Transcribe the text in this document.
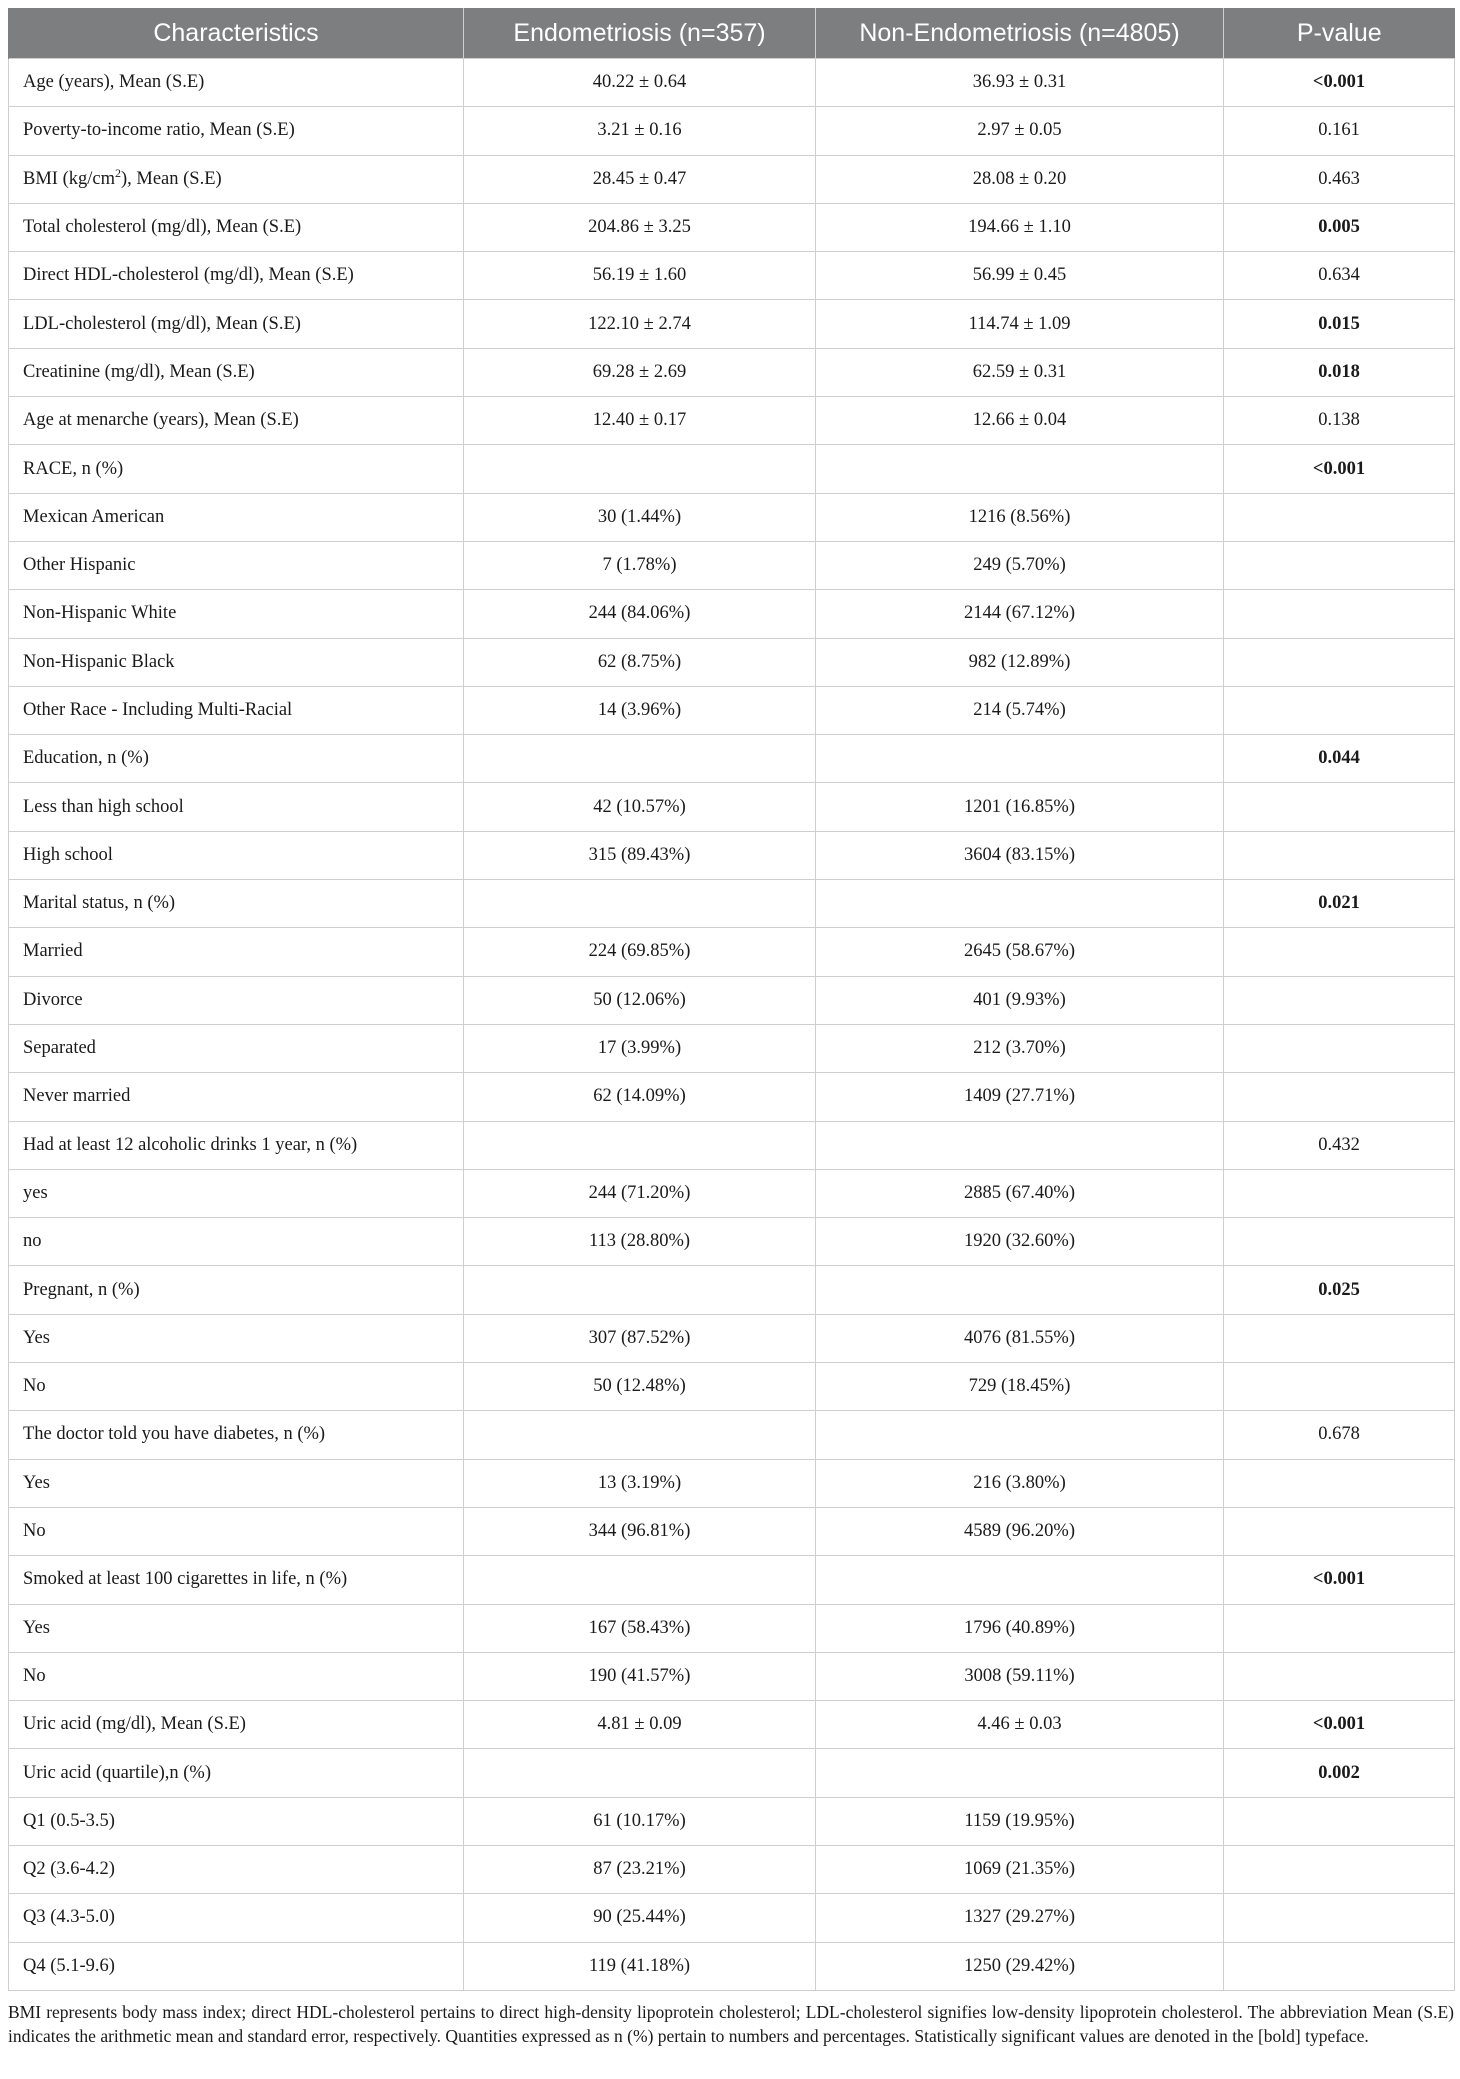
Characteristics	Endometriosis (n=357)	Non-Endometriosis (n=4805)	P-value
Age (years), Mean (S.E)	40.22 ± 0.64	36.93 ± 0.31	<0.001
Poverty-to-income ratio, Mean (S.E)	3.21 ± 0.16	2.97 ± 0.05	0.161
BMI $(kg/cm^2)$, Mean (S.E)	28.45 ± 0.47	28.08 ± 0.20	0.463
Total cholesterol (mg/dl), Mean (S.E)	204.86 ± 3.25	194.66 ± 1.10	0.005
Direct HDL-cholesterol (mg/dl), Mean (S.E)	56.19 ± 1.60	56.99 ± 0.45	0.634
LDL-cholesterol (mg/dl), Mean (S.E)	122.10 ± 2.74	114.74 ± 1.09	0.015
Creatinine (mg/dl), Mean (S.E)	69.28 ± 2.69	62.59 ± 0.31	0.018
Age at menarche (years), Mean (S.E)	12.40 ± 0.17	12.66 ± 0.04	0.138
RACE, n (%)			<0.001
Mexican American	30 (1.44%)	1216 (8.56%)	
Other Hispanic	7 (1.78%)	249 (5.70%)	
Non-Hispanic White	244 (84.06%)	2144 (67.12%)	
Non-Hispanic Black	62 (8.75%)	982 (12.89%)	
Other Race - Including Multi-Racial	14 (3.96%)	214 (5.74%)	
Education, n (%)			0.044
Less than high school	42 (10.57%)	1201 (16.85%)	
High school	315 (89.43%)	3604 (83.15%)	
Marital status, n (%)			0.021
Married	224 (69.85%)	2645 (58.67%)	
Divorce	50 (12.06%)	401 (9.93%)	
Separated	17 (3.99%)	212 (3.70%)	
Never married	62 (14.09%)	1409 (27.71%)	
Had at least 12 alcoholic drinks 1 year, n (%)			0.432
yes	244 (71.20%)	2885 (67.40%)	
no	113 (28.80%)	1920 (32.60%)	
Pregnant, n (%)			0.025
Yes	307 (87.52%)	4076 (81.55%)	
No	50 (12.48%)	729 (18.45%)	
The doctor told you have diabetes, n (%)			0.678
Yes	13 (3.19%)	216 (3.80%)	
No	344 (96.81%)	4589 (96.20%)	
Smoked at least 100 cigarettes in life, n (%)			<0.001
Yes	167 (58.43%)	1796 (40.89%)	
No	190 (41.57%)	3008 (59.11%)	
Uric acid (mg/dl), Mean (S.E)	4.81 ± 0.09	4.46 ± 0.03	<0.001
Uric acid (quartile),n (%)			0.002
Q1 (0.5-3.5)	61 (10.17%)	1159 (19.95%)	
Q2 (3.6-4.2)	87 (23.21%)	1069 (21.35%)	
Q3 (4.3-5.0)	90 (25.44%)	1327 (29.27%)	
Q4 (5.1-9.6)	119 (41.18%)	1250 (29.42%)	
BMI represents body mass index; direct HDL-cholesterol pertains to direct high-density lipoprotein cholesterol; LDL-cholesterol signifies low-density lipoprotein cholesterol. The abbreviation Mean (S.E) indicates the arithmetic mean and standard error, respectively. Quantities expressed as n (%) pertain to numbers and percentages. Statistically significant values are denoted in the [bold] typeface.
